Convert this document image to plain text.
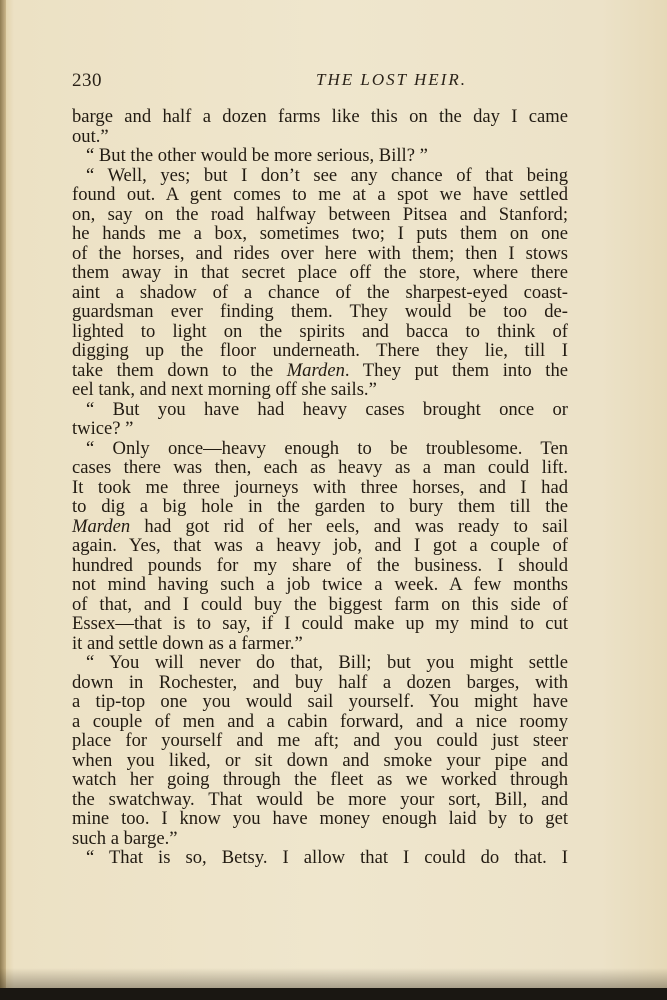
230	THE LOST HEIR.
barge and half a dozen farms like this on the day I came
out.”
“ But the other would be more serious, Bill? ”
“ Well, yes; but I don’t see any chance of that being
found out. A gent comes to me at a spot we have settled
on, say on the road halfway between Pitsea and Stanford;
he hands me a box, sometimes two; I puts them on one
of the horses, and rides over here with them; then I stows
them away in that secret place off the store, where there
aint a shadow of a chance of the sharpest-eyed coast-
guardsman ever finding them. They would be too de-
lighted to light on the spirits and bacca to think of
digging up the floor underneath. There they lie, till I
take them down to the Marden. They put them into the
eel tank, and next morning off she sails.”
“ But you have had heavy cases brought once or
twice? ”
“ Only once—heavy enough to be troublesome. Ten
cases there was then, each as heavy as a man could lift.
It took me three journeys with three horses, and I had
to dig a big hole in the garden to bury them till the
Marden had got rid of her eels, and was ready to sail
again. Yes, that was a heavy job, and I got a couple of
hundred pounds for my share of the business. I should
not mind having such a job twice a week. A few months
of that, and I could buy the biggest farm on this side of
Essex—that is to say, if I could make up my mind to cut
it and settle down as a farmer.”
“ You will never do that, Bill; but you might settle
down in Rochester, and buy half a dozen barges, with
a tip-top one you would sail yourself. You might have
a couple of men and a cabin forward, and a nice roomy
place for yourself and me aft; and you could just steer
when you liked, or sit down and smoke your pipe and
watch her going through the fleet as we worked through
the swatchway. That would be more your sort, Bill, and
mine too. I know you have money enough laid by to get
such a barge.”
“ That is so, Betsy. I allow that I could do that. I
